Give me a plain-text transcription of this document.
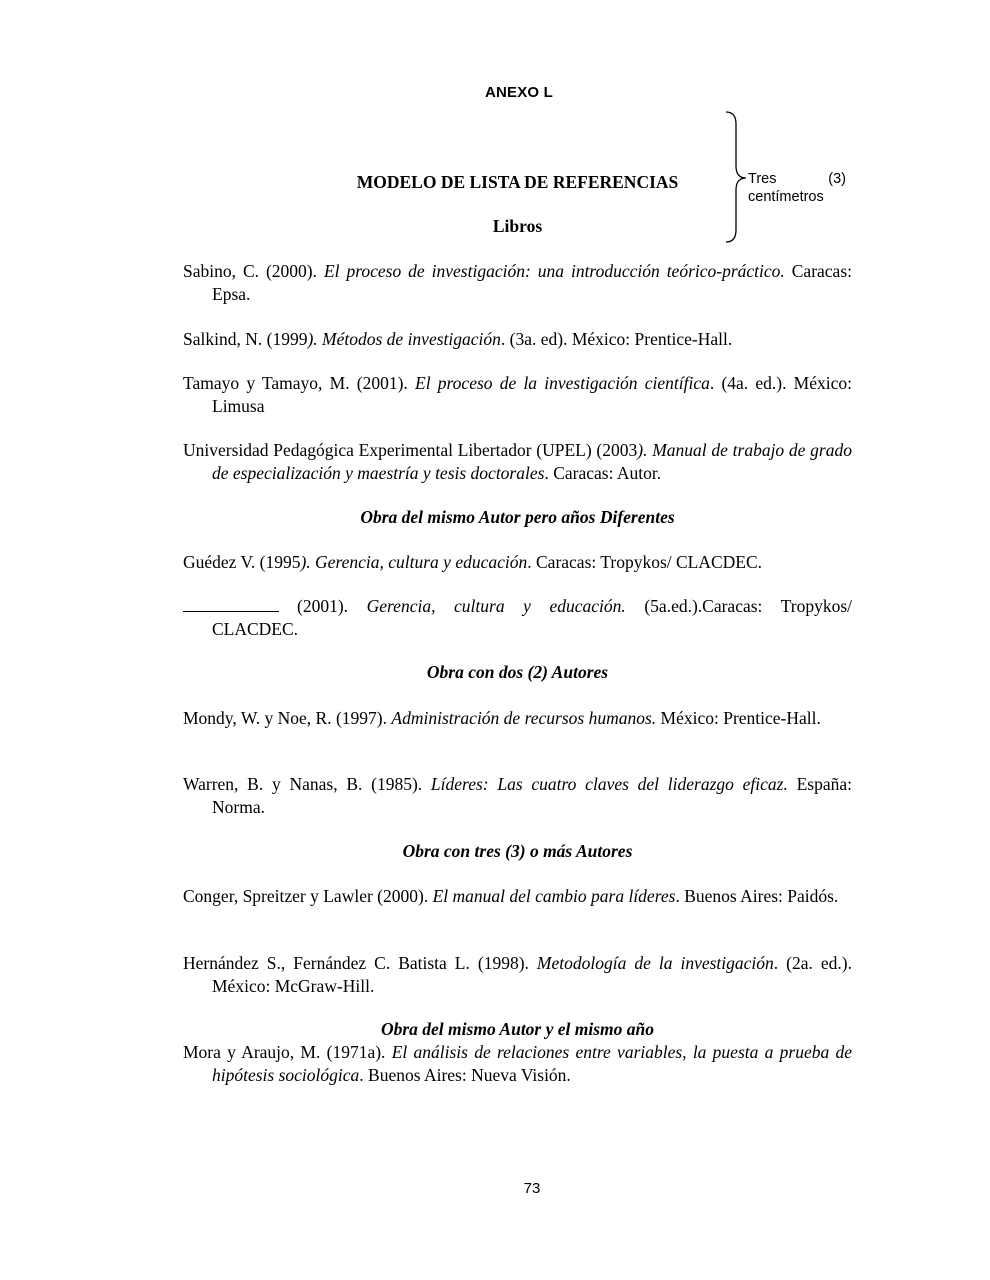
ANEXO L
MODELO DE LISTA DE REFERENCIAS
Libros
Tres	(3)
centímetros
Sabino, C. (2000). El proceso de investigación: una introducción teórico-práctico. Caracas: Epsa.
Salkind, N. (1999). Métodos de investigación. (3a. ed). México: Prentice-Hall.
Tamayo y Tamayo, M. (2001). El proceso de la investigación científica. (4a. ed.). México: Limusa
Universidad Pedagógica Experimental Libertador (UPEL) (2003). Manual de trabajo de grado de especialización y maestría y tesis doctorales. Caracas: Autor.
Obra del mismo Autor pero años Diferentes
Guédez V. (1995). Gerencia, cultura y educación. Caracas: Tropykos/ CLACDEC.
(2001). Gerencia, cultura y educación. (5a.ed.).Caracas: Tropykos/ CLACDEC.
Obra con dos (2) Autores
Mondy, W. y Noe, R. (1997). Administración de recursos humanos. México: Prentice-Hall.
Warren, B. y Nanas, B. (1985). Líderes: Las cuatro claves del liderazgo eficaz. España: Norma.
Obra con tres (3) o más Autores
Conger, Spreitzer y Lawler (2000). El manual del cambio para líderes. Buenos Aires: Paidós.
Hernández S., Fernández C. Batista L. (1998). Metodología de la investigación. (2a. ed.). México: McGraw-Hill.
Obra del mismo Autor y el mismo año
Mora y Araujo, M. (1971a). El análisis de relaciones entre variables, la puesta a prueba de hipótesis sociológica. Buenos Aires: Nueva Visión.
73
